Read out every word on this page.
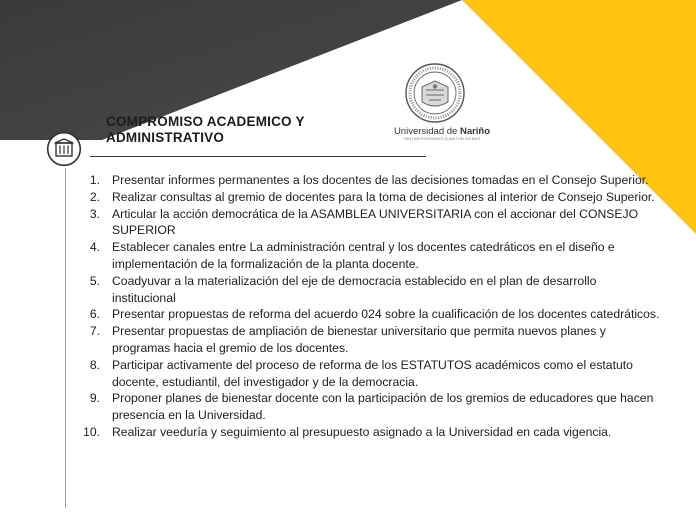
COMPROMISO ACADEMICO Y
ADMINISTRATIVO	Universidad de Nariño
TANTUM POSSUMUS QUANTUM SCIMUS
1. Presentar informes permanentes a los docentes de las decisiones tomadas en el Consejo Superior.
2. Realizar consultas al gremio de docentes para la toma de decisiones al interior de Consejo Superior.
3. Articular la acción democrática de la ASAMBLEA UNIVERSITARIA con el accionar del CONSEJO SUPERIOR
4. Establecer canales entre La administración central y los docentes catedráticos en el diseño e implementación de la formalización de la planta docente.
5. Coadyuvar a la materialización del eje de democracia establecido en el plan de desarrollo institucional
6. Presentar propuestas de reforma del acuerdo 024 sobre la cualificación de los docentes catedráticos.
7. Presentar propuestas de ampliación de bienestar universitario que permita nuevos planes y programas hacia el gremio de los docentes.
8. Participar activamente del proceso de reforma de los ESTATUTOS académicos como el estatuto docente, estudiantil, del investigador y de la democracia.
9. Proponer planes de bienestar docente con la participación de los gremios de educadores que hacen presencia en la Universidad.
10. Realizar veeduría y seguimiento al presupuesto asignado a la Universidad en cada vigencia.
